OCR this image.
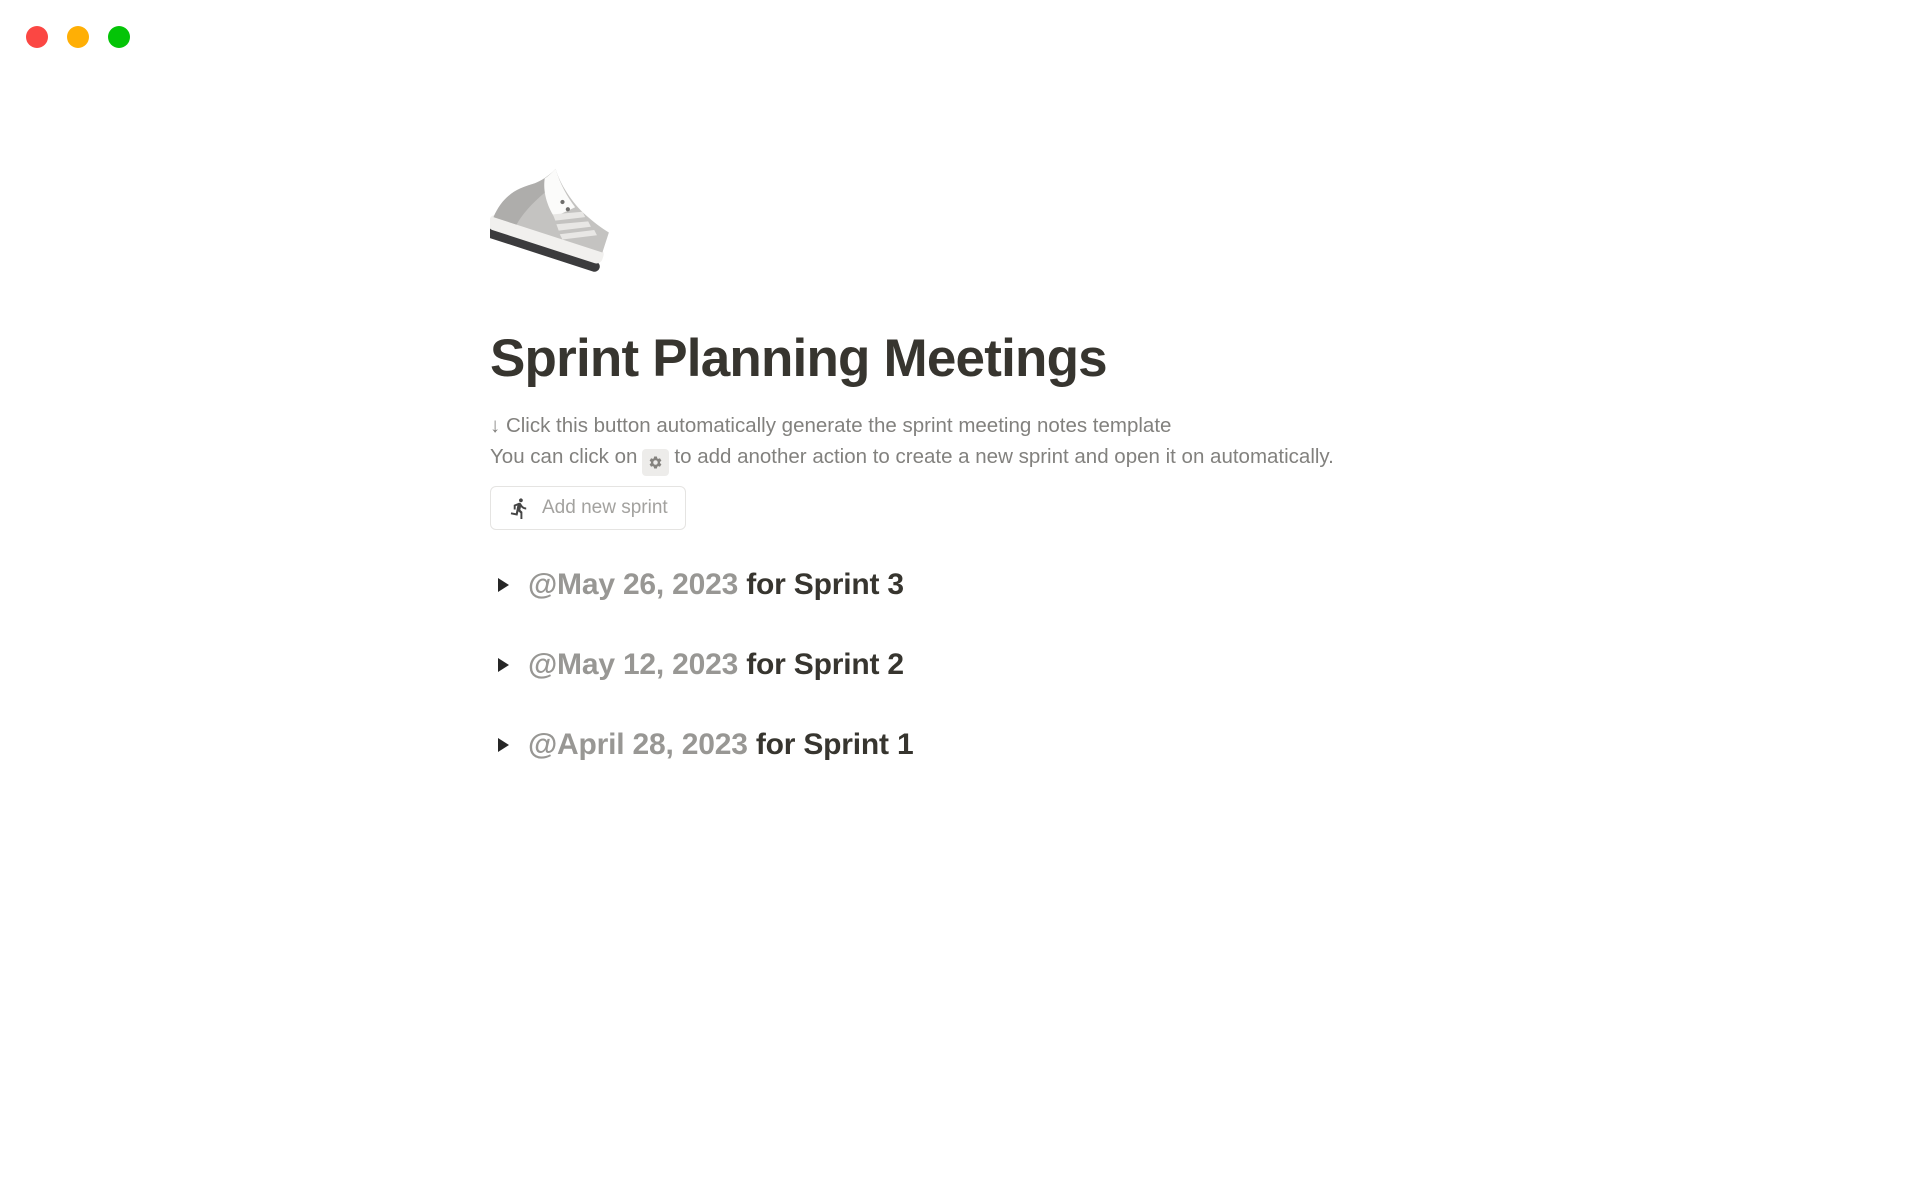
Sprint Planning Meetings
↓ Click this button automatically generate the sprint meeting notes template
You can click on to add another action to create a new sprint and open it on automatically.
Add new sprint
@May 26, 2023 for Sprint 3
@May 12, 2023 for Sprint 2
@April 28, 2023 for Sprint 1
